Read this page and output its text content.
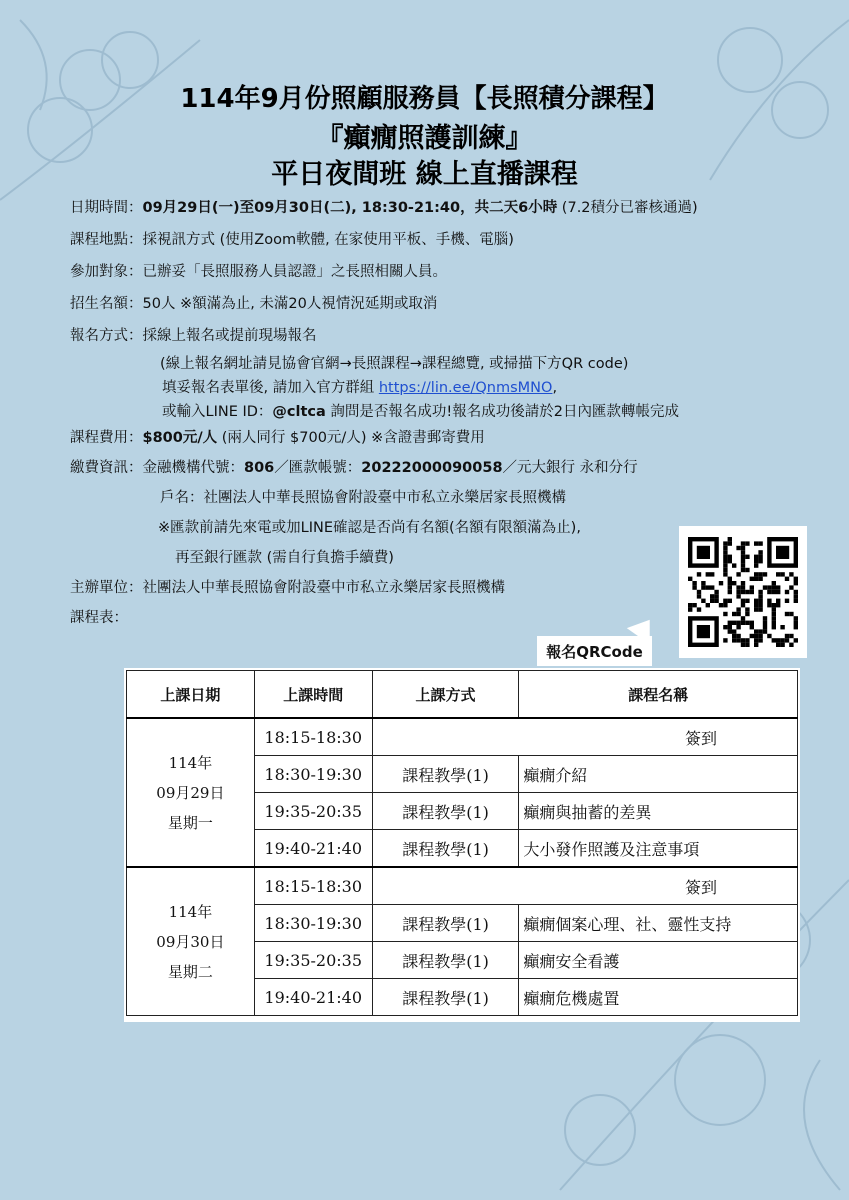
114年9月份照顧服務員【長照積分課程】
『癲癇照護訓練』
平日夜間班 線上直播課程
日期時間：09月29日(一)至09月30日(二), 18:30-21:40，共二天6小時 (7.2積分已審核通過)
課程地點：採視訊方式 (使用Zoom軟體, 在家使用平板、手機、電腦)
參加對象：已辦妥「長照服務人員認證」之長照相關人員。
招生名額：50人 ※額滿為止, 未滿20人視情況延期或取消
報名方式：採線上報名或提前現場報名
(線上報名網址請見協會官網→長照課程→課程總覽, 或掃描下方QR code)
填妥報名表單後, 請加入官方群組 https://lin.ee/QnmsMNO,
或輸入LINE ID：@cltca 詢問是否報名成功!報名成功後請於2日內匯款轉帳完成
課程費用：$800元/人 (兩人同行 $700元/人) ※含證書郵寄費用
繳費資訊：金融機構代號：806／匯款帳號：20222000090058／元大銀行 永和分行
戶名：社團法人中華長照協會附設臺中市私立永樂居家長照機構
※匯款前請先來電或加LINE確認是否尚有名額(名額有限額滿為止),
再至銀行匯款 (需自行負擔手續費)
主辦單位：社團法人中華長照協會附設臺中市私立永樂居家長照機構
課程表：
報名QRCode
上課日期	上課時間	上課方式	課程名稱

114年
09月29日
星期一	18:15-18:30	簽到	
	18:30-19:30	課程教學(1)	癲癇介紹
	19:35-20:35	課程教學(1)	癲癇與抽蓄的差異
	19:40-21:40	課程教學(1)	大小發作照護及注意事項

114年
09月30日
星期二	18:15-18:30	簽到	
	18:30-19:30	課程教學(1)	癲癇個案心理、社、靈性支持
	19:35-20:35	課程教學(1)	癲癇安全看護
	19:40-21:40	課程教學(1)	癲癇危機處置
